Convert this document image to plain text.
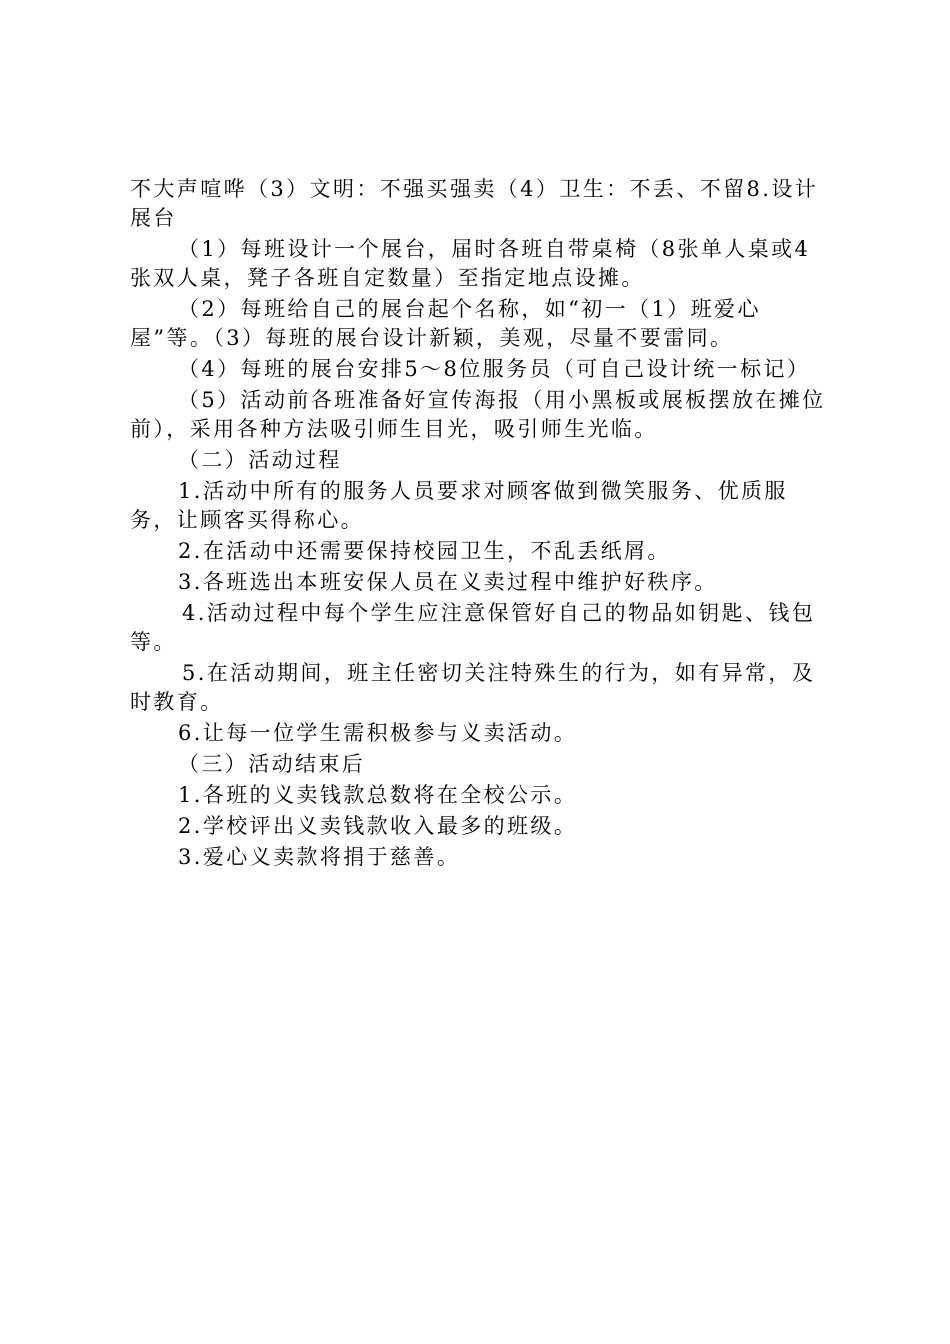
不大声喧哗（3）文明：不强买强卖（4）卫生：不丢、不留8.设计展台

（1）每班设计一个展台，届时各班自带桌椅（8张单人桌或4张双人桌，凳子各班自定数量）至指定地点设摊。

（2）每班给自己的展台起个名称，如“初一（1）班爱心屋”等。（3）每班的展台设计新颖，美观，尽量不要雷同。

（4）每班的展台安排5～8位服务员（可自己设计统一标记）

（5）活动前各班准备好宣传海报（用小黑板或展板摆放在摊位前），采用各种方法吸引师生目光，吸引师生光临。

（二）活动过程

1.活动中所有的服务人员要求对顾客做到微笑服务、优质服务，让顾客买得称心。

2.在活动中还需要保持校园卫生，不乱丢纸屑。

3.各班选出本班安保人员在义卖过程中维护好秩序。

4.活动过程中每个学生应注意保管好自己的物品如钥匙、钱包等。

5.在活动期间，班主任密切关注特殊生的行为，如有异常，及时教育。

6.让每一位学生需积极参与义卖活动。

（三）活动结束后

1.各班的义卖钱款总数将在全校公示。

2.学校评出义卖钱款收入最多的班级。

3.爱心义卖款将捐于慈善。
